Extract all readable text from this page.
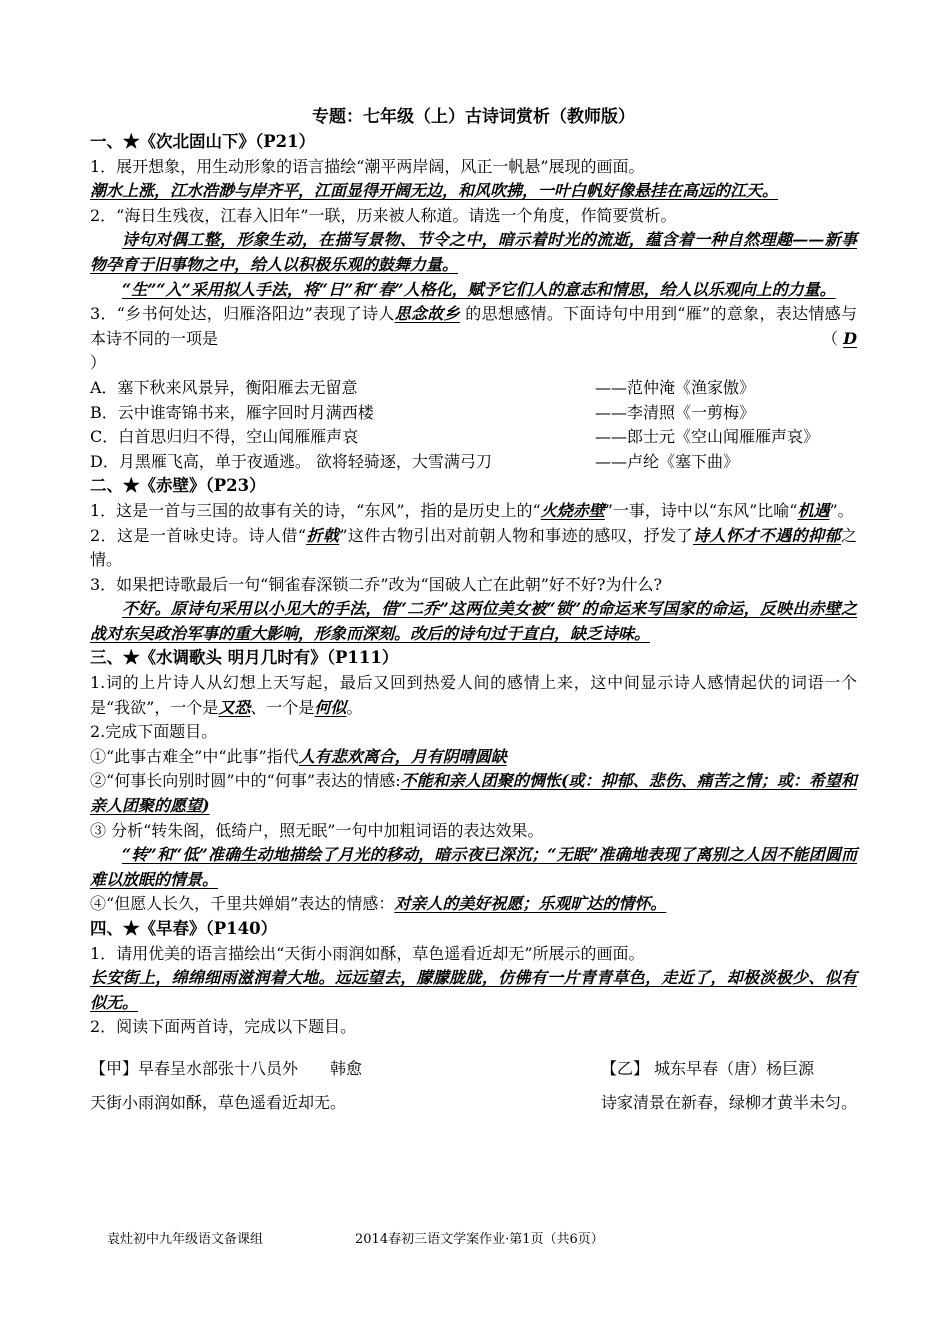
专题：七年级（上）古诗词赏析（教师版）
一、★《次北固山下》（P21）

1．展开想象，用生动形象的语言描绘“潮平两岸阔，风正一帆悬”展现的画面。

潮水上涨，江水浩渺与岸齐平，江面显得开阔无边，和风吹拂，一叶白帆好像悬挂在高远的江天。

2．“海日生残夜，江春入旧年”一联，历来被人称道。请选一个角度，作简要赏析。

诗句对偶工整，形象生动，在描写景物、节令之中，暗示着时光的流逝，蕴含着一种自然理趣——新事物孕育于旧事物之中，给人以积极乐观的鼓舞力量。

“生”“入”采用拟人手法，将“日”和“春”人格化，赋予它们人的意志和情思，给人以乐观向上的力量。

3．“乡书何处达，归雁洛阳边”表现了诗人思念故乡 的思想感情。下面诗句中用到“雁”的意象，表达情感与本诗不同的一项是	（ D

）

A．塞下秋来风景异，衡阳雁去无留意	——范仲淹《渔家傲》
B．云中谁寄锦书来，雁字回时月满西楼	——李清照《一剪梅》
C．白首思归归不得，空山闻雁雁声哀	——郎士元《空山闻雁雁声哀》
D．月黑雁飞高，单于夜遁逃。 欲将轻骑逐，大雪满弓刀	——卢纶《塞下曲》
二、★《赤壁》（P23）

1．这是一首与三国的故事有关的诗，“东风”，指的是历史上的“火烧赤壁”一事，诗中以“东风”比喻“机遇”。

2．这是一首咏史诗。诗人借“折戟”这件古物引出对前朝人物和事迹的感叹，抒发了诗人怀才不遇的抑郁之情。

3．如果把诗歌最后一句“铜雀春深锁二乔”改为“国破人亡在此朝”好不好?为什么?

不好。原诗句采用以小见大的手法，借“二乔”这两位美女被“锁”的命运来写国家的命运，反映出赤壁之战对东吴政治军事的重大影响，形象而深刻。改后的诗句过于直白，缺乏诗味。

三、★《水调歌头 明月几时有》（P111）

1.词的上片诗人从幻想上天写起，最后又回到热爱人间的感情上来，这中间显示诗人感情起伏的词语一个是“我欲”，一个是又恐、一个是何似。

2.完成下面题目。

①“此事古难全”中“此事”指代人有悲欢离合，月有阴晴圆缺

②“何事长向别时圆”中的“何事”表达的情感:不能和亲人团聚的惆怅(或：抑郁、悲伤、痛苦之情；或：希望和亲人团聚的愿望)

③ 分析“转朱阁，低绮户，照无眠”一句中加粗词语的表达效果。

“转”和“低”准确生动地描绘了月光的移动，暗示夜已深沉；“无眠”准确地表现了离别之人因不能团圆而难以放眠的情景。

④“但愿人长久，千里共婵娟”表达的情感：对亲人的美好祝愿；乐观旷达的情怀。

四、★《早春》（P140）

1．请用优美的语言描绘出“天街小雨润如酥，草色遥看近却无”所展示的画面。

长安街上，绵绵细雨滋润着大地。远远望去，朦朦胧胧，仿佛有一片青青草色，走近了，却极淡极少、似有似无。

2．阅读下面两首诗，完成以下题目。

【甲】早春呈水部张十八员外　　韩愈
天街小雨润如酥，草色遥看近却无。
【乙】 城东早春（唐）杨巨源
诗家清景在新春，绿柳才黄半未匀。
袁灶初中九年级语文备课组	2014春初三语文学案作业·第1页（共6页）
